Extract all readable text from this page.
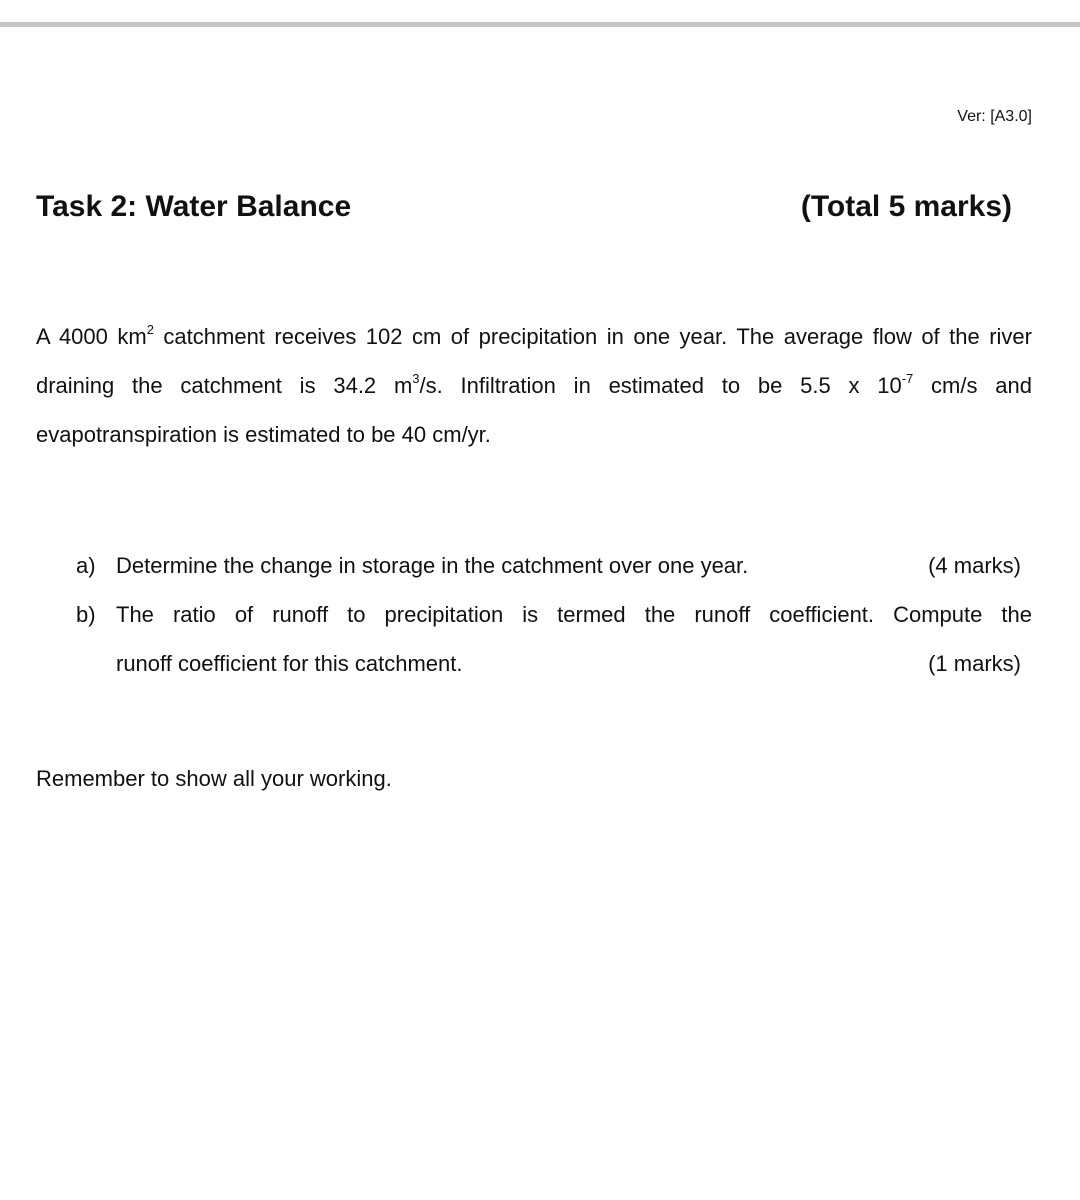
Ver: [A3.0]
Task 2: Water Balance	(Total 5 marks)
A 4000 $km^2$ catchment receives 102 cm of precipitation in one year. The average flow of the river draining the catchment is 34.2 $m^3/s$. Infiltration in estimated to be 5.5 x $10^{-7}$ cm/s and evapotranspiration is estimated to be 40 cm/yr.
a) Determine the change in storage in the catchment over one year.	(4 marks)
b) The ratio of runoff to precipitation is termed the runoff coefficient. Compute the
runoff coefficient for this catchment.	(1 marks)
Remember to show all your working.
